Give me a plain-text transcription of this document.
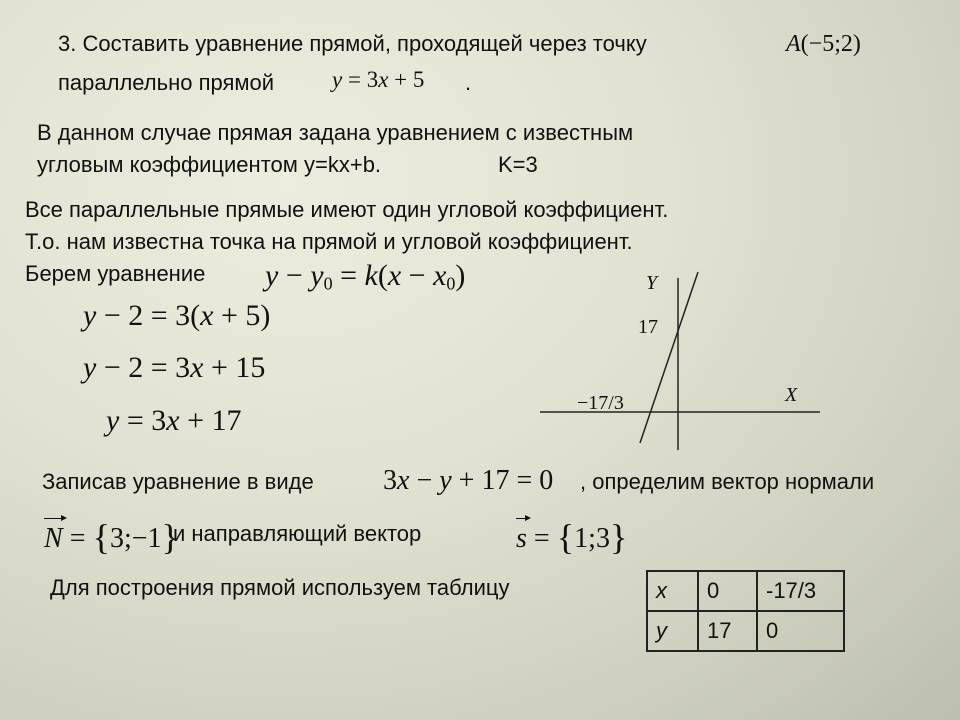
3. Составить уравнение прямой, проходящей через точку	A(−5;2)
параллельно прямой	y = 3x + 5 .
В данном случае прямая задана уравнением с известным
угловым коэффициентом y=kx+b.	K=3
Все параллельные прямые имеют один угловой коэффициент.
Т.о. нам известна точка на прямой и угловой коэффициент.
Берем уравнение $y - y_0 = k(x - x_0)$
y − 2 = 3(x + 5)
y − 2 = 3x + 15
y = 3x + 17
Y
X
17
−17/3
Записав уравнение в виде 3x − y + 17 = 0 , определим вектор нормали
N = {3;−1}
и направляющий вектор	s = {1;3}
Для построения прямой используем таблицу	x	0	-17/3
y	17	0
